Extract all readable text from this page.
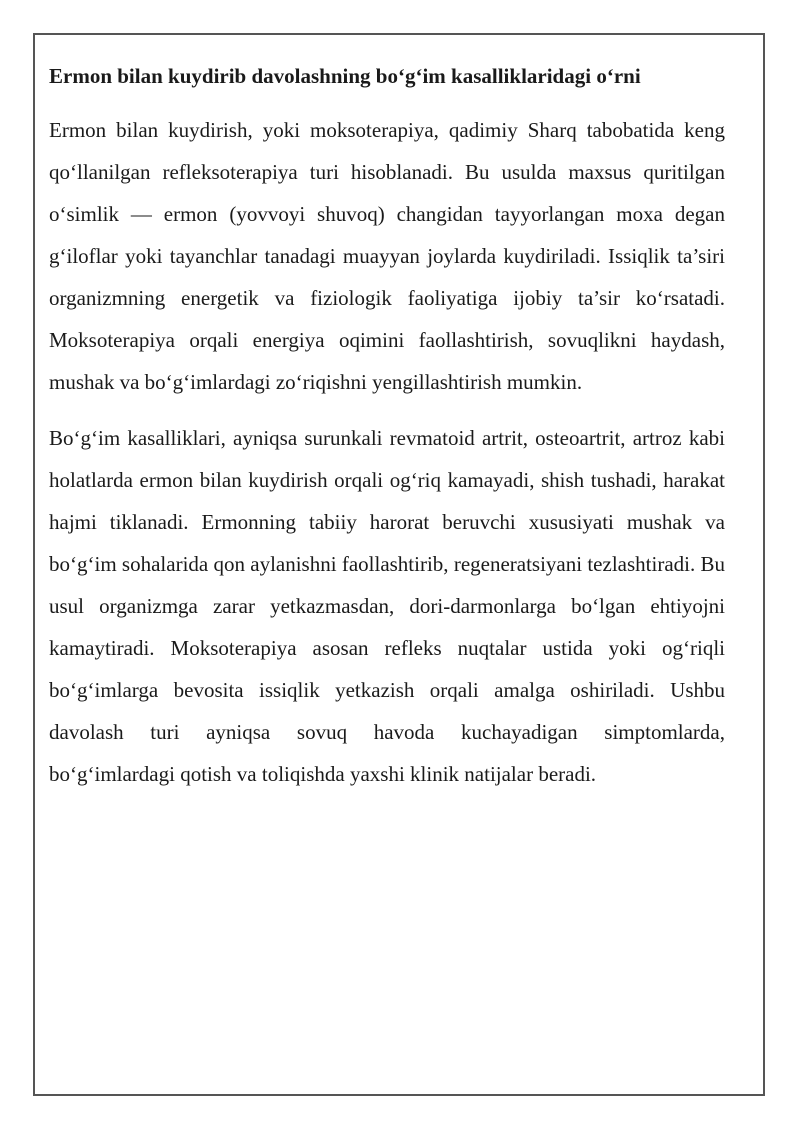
Ermon bilan kuydirib davolashning bo‘g‘im kasalliklaridagi o‘rni

Ermon bilan kuydirish, yoki moksoterapiya, qadimiy Sharq tabobatida keng qo‘llanilgan refleksoterapiya turi hisoblanadi. Bu usulda maxsus quritilgan o‘simlik — ermon (yovvoyi shuvoq) changidan tayyorlangan moxa degan g‘iloflar yoki tayanchlar tanadagi muayyan joylarda kuydiriladi. Issiqlik ta’siri organizmning energetik va fiziologik faoliyatiga ijobiy ta’sir ko‘rsatadi. Moksoterapiya orqali energiya oqimini faollashtirish, sovuqlikni haydash, mushak va bo‘g‘imlardagi zo‘riqishni yengillashtirish mumkin.

Bo‘g‘im kasalliklari, ayniqsa surunkali revmatoid artrit, osteoartrit, artroz kabi holatlarda ermon bilan kuydirish orqali og‘riq kamayadi, shish tushadi, harakat hajmi tiklanadi. Ermonning tabiiy harorat beruvchi xususiyati mushak va bo‘g‘im sohalarida qon aylanishni faollashtirib, regeneratsiyani tezlashtiradi. Bu usul organizmga zarar yetkazmasdan, dori-darmonlarga bo‘lgan ehtiyojni kamaytiradi. Moksoterapiya asosan refleks nuqtalar ustida yoki og‘riqli bo‘g‘imlarga bevosita issiqlik yetkazish orqali amalga oshiriladi. Ushbu davolash turi ayniqsa sovuq havoda kuchayadigan simptomlarda, bo‘g‘imlardagi qotish va toliqishda yaxshi klinik natijalar beradi.
